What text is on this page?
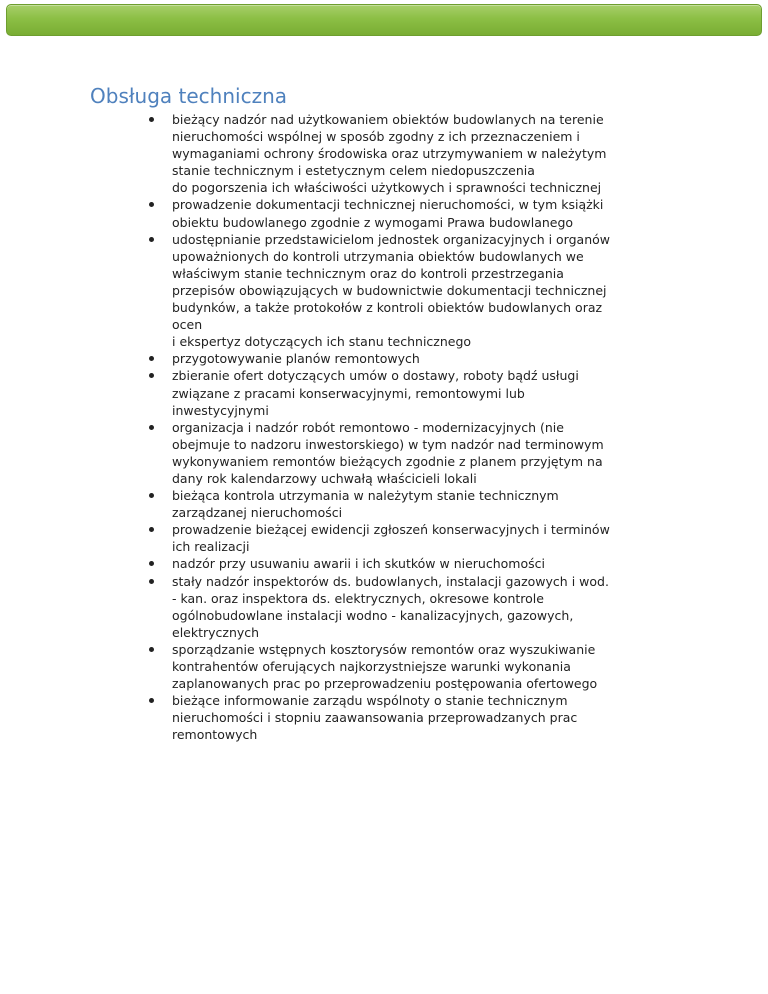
Obsługa techniczna
bieżący nadzór nad użytkowaniem obiektów budowlanych na terenie
nieruchomości wspólnej w sposób zgodny z ich przeznaczeniem i
wymaganiami ochrony środowiska oraz utrzymywaniem w należytym
stanie technicznym i estetycznym celem niedopuszczenia
do pogorszenia ich właściwości użytkowych i sprawności technicznej
prowadzenie dokumentacji technicznej nieruchomości, w tym książki
obiektu budowlanego zgodnie z wymogami Prawa budowlanego
udostępnianie przedstawicielom jednostek organizacyjnych i organów
upoważnionych do kontroli utrzymania obiektów budowlanych we
właściwym stanie technicznym oraz do kontroli przestrzegania
przepisów obowiązujących w budownictwie dokumentacji technicznej
budynków, a także protokołów z kontroli obiektów budowlanych oraz
ocen
i ekspertyz dotyczących ich stanu technicznego
przygotowywanie planów remontowych
zbieranie ofert dotyczących umów o dostawy, roboty bądź usługi
związane z pracami konserwacyjnymi, remontowymi lub
inwestycyjnymi
organizacja i nadzór robót remontowo - modernizacyjnych (nie
obejmuje to nadzoru inwestorskiego) w tym nadzór nad terminowym
wykonywaniem remontów bieżących zgodnie z planem przyjętym na
dany rok kalendarzowy uchwałą właścicieli lokali
bieżąca kontrola utrzymania w należytym stanie technicznym
zarządzanej nieruchomości
prowadzenie bieżącej ewidencji zgłoszeń konserwacyjnych i terminów
ich realizacji
nadzór przy usuwaniu awarii i ich skutków w nieruchomości
stały nadzór inspektorów ds. budowlanych, instalacji gazowych i wod.
- kan. oraz inspektora ds. elektrycznych, okresowe kontrole
ogólnobudowlane instalacji wodno - kanalizacyjnych, gazowych,
elektrycznych
sporządzanie wstępnych kosztorysów remontów oraz wyszukiwanie
kontrahentów oferujących najkorzystniejsze warunki wykonania
zaplanowanych prac po przeprowadzeniu postępowania ofertowego
bieżące informowanie zarządu wspólnoty o stanie technicznym
nieruchomości i stopniu zaawansowania przeprowadzanych prac
remontowych
